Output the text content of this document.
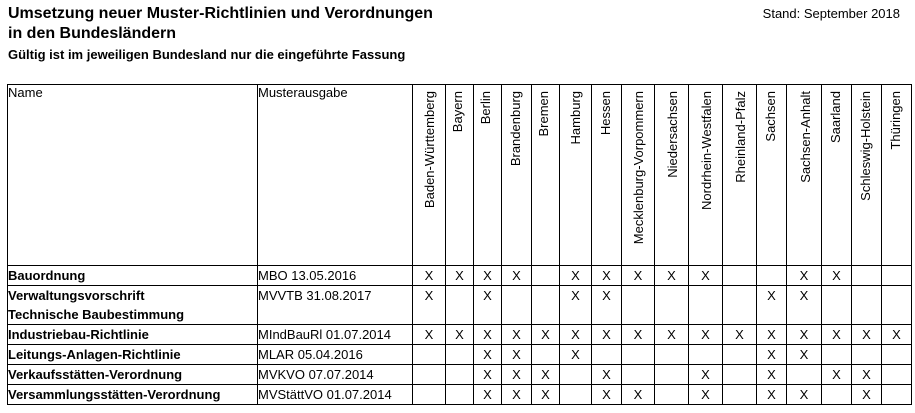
Umsetzung neuer Muster-Richtlinien und Verordnungen
in den Bundesländern
Stand: September 2018
Gültig ist im jeweiligen Bundesland nur die eingeführte Fassung
Name	Musterausgabe	Baden-Württemberg	Bayern	Berlin	Brandenburg	Bremen	Hamburg	Hessen	Mecklenburg-Vorpommern	Niedersachsen	Nordrhein-Westfalen	Rheinland-Pfalz	Sachsen	Sachsen-Anhalt	Saarland	Schleswig-Holstein	Thüringen

Bauordnung	MBO 13.05.2016	X	X	X	X		X	X	X	X	X			X	X		

Verwaltungsvorschrift
Technische Baubestimmung	MVVTB 31.08.2017	X		X			X	X					X	X			

Industriebau-Richtlinie	MIndBauRl 01.07.2014	X	X	X	X	X	X	X	X	X	X	X	X	X	X	X	X

Leitungs-Anlagen-Richtlinie	MLAR 05.04.2016			X	X		X						X	X			

Verkaufsstätten-Verordnung	MVKVO 07.07.2014			X	X	X		X			X		X		X	X	

Versammlungsstätten-Verordnung	MVStättVO 01.07.2014			X	X	X		X	X		X		X	X		X	
